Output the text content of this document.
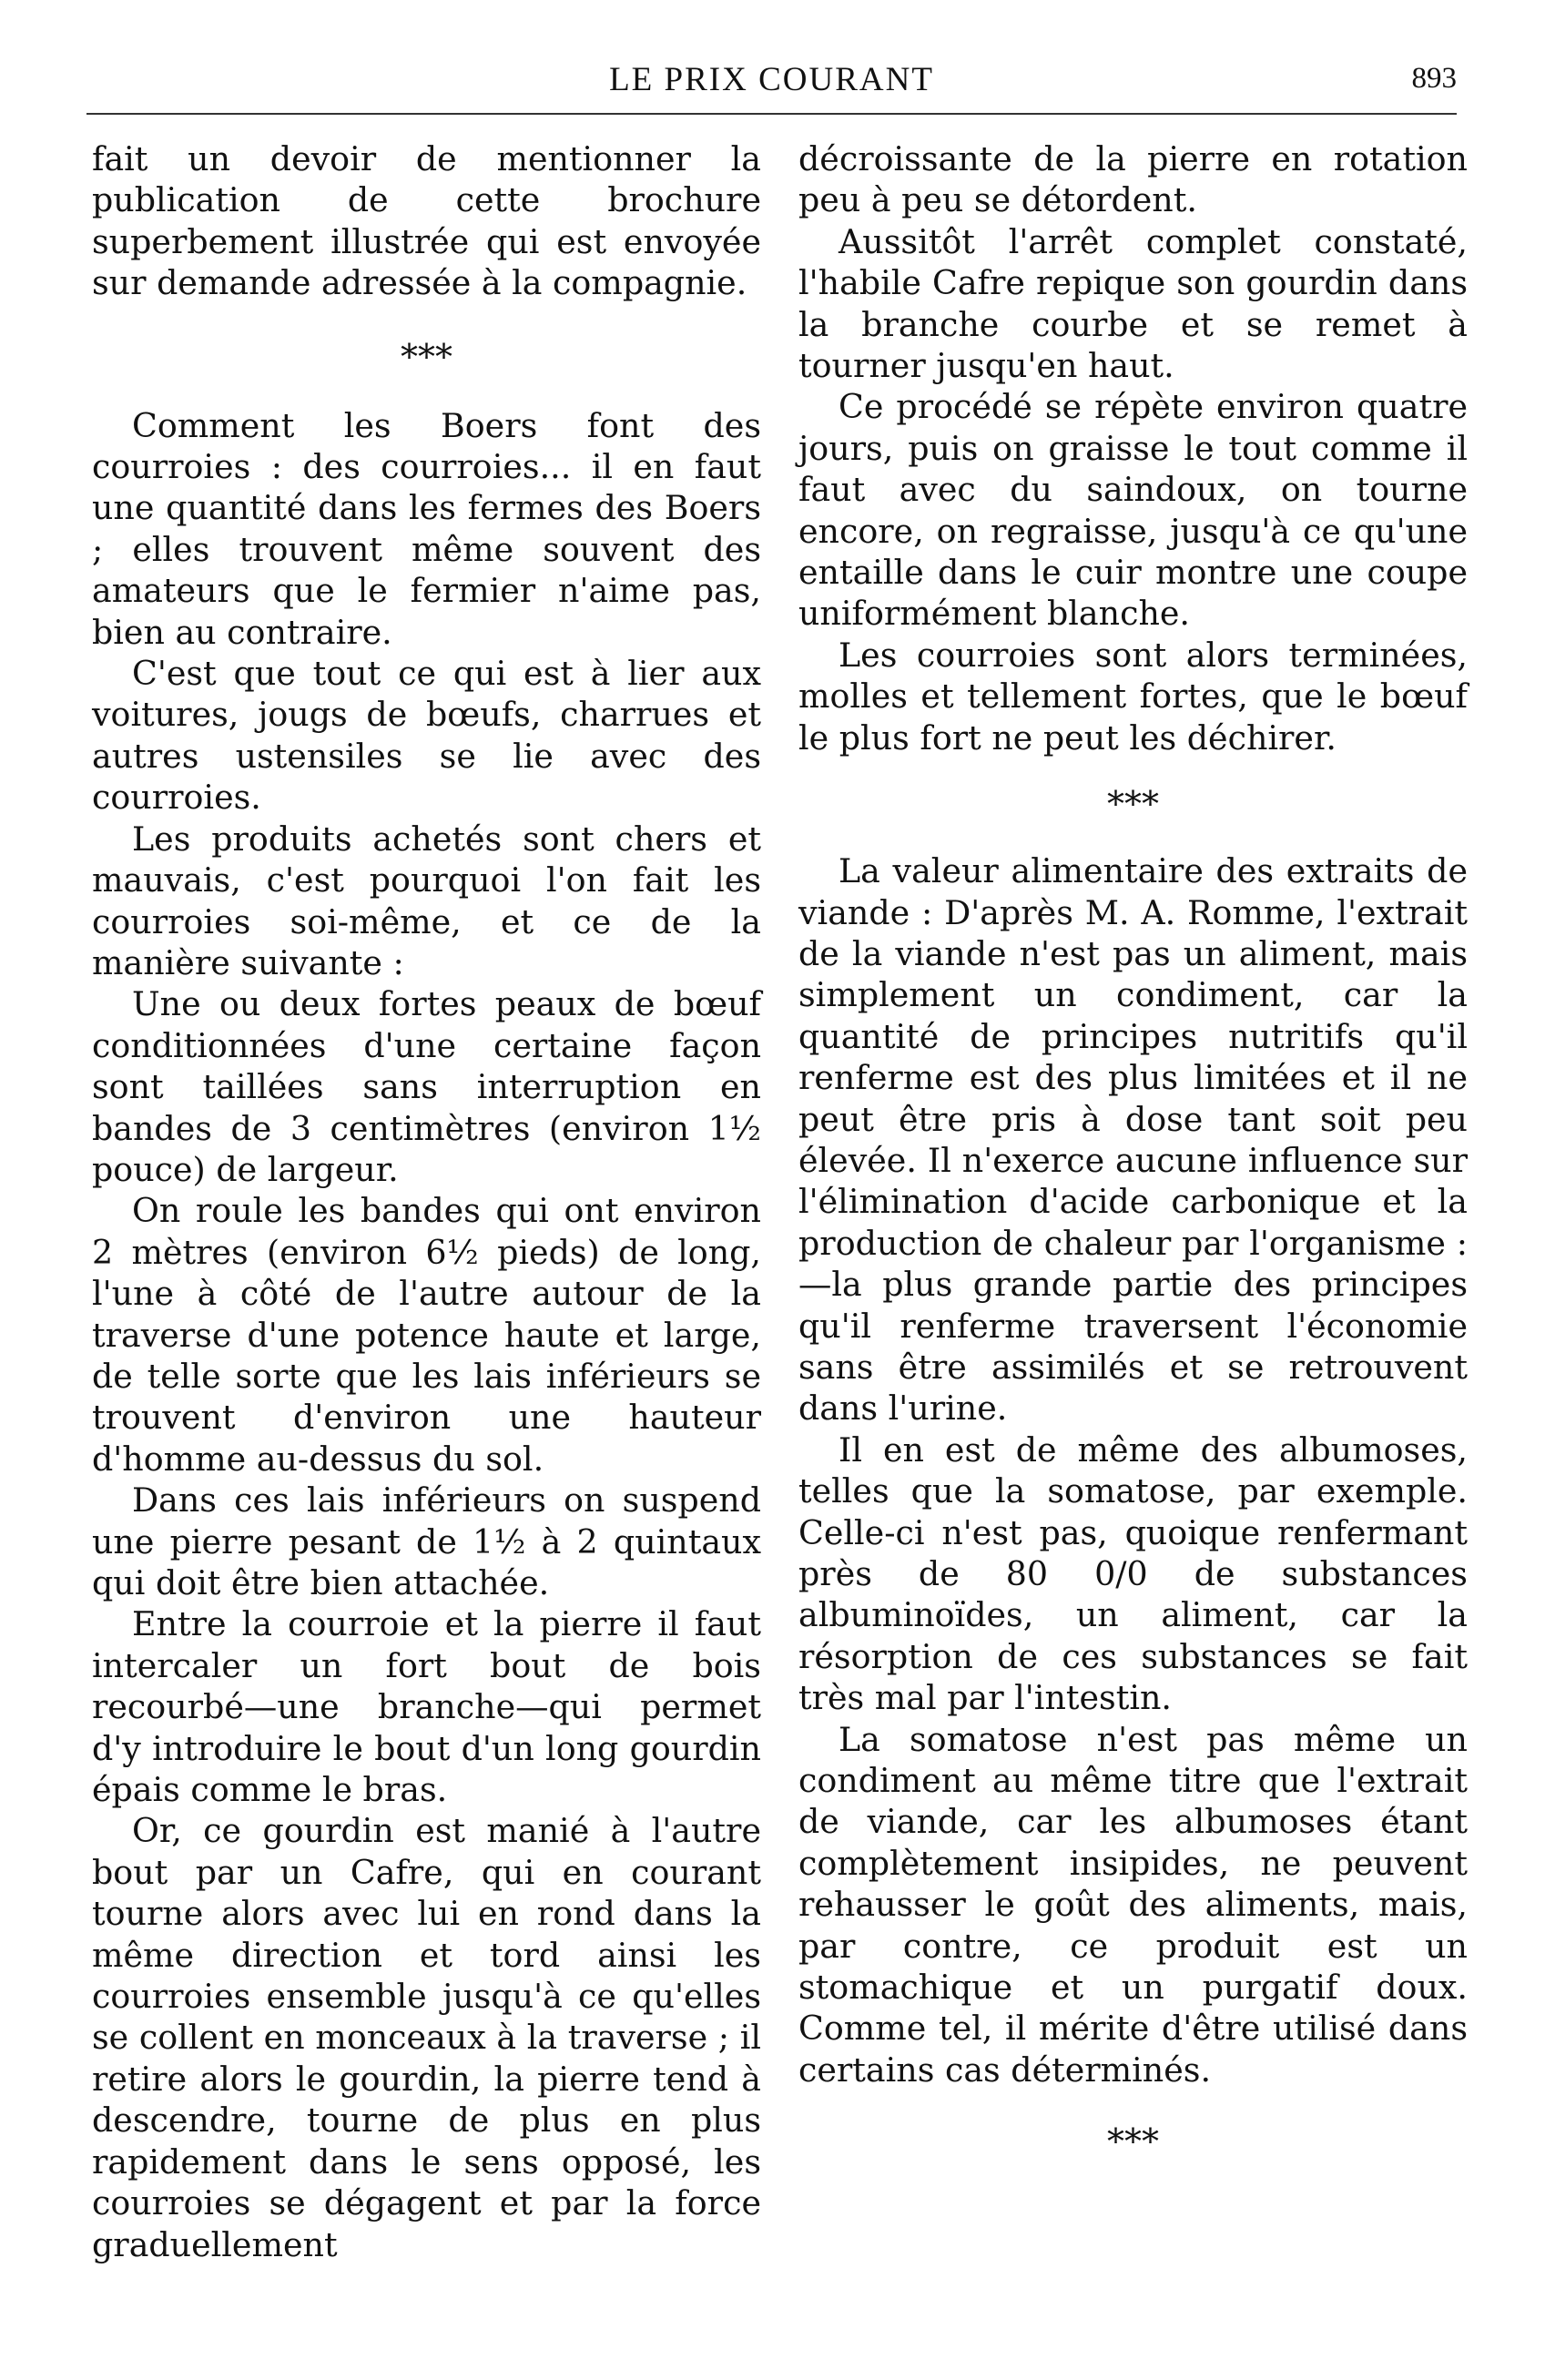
LE PRIX COURANT	893

fait un devoir de mentionner la publication de cette brochure superbement illustrée qui est envoyée sur demande adressée à la compagnie.

***

Comment les Boers font des courroies : des courroies... il en faut une quantité dans les fermes des Boers ; elles trouvent même souvent des amateurs que le fermier n'aime pas, bien au contraire.

C'est que tout ce qui est à lier aux voitures, jougs de bœufs, charrues et autres ustensiles se lie avec des courroies.

Les produits achetés sont chers et mauvais, c'est pourquoi l'on fait les courroies soi-même, et ce de la manière suivante :

Une ou deux fortes peaux de bœuf conditionnées d'une certaine façon sont taillées sans interruption en bandes de 3 centimètres (environ 1½ pouce) de largeur.

On roule les bandes qui ont environ 2 mètres (environ 6½ pieds) de long, l'une à côté de l'autre autour de la traverse d'une potence haute et large, de telle sorte que les lais inférieurs se trouvent d'environ une hauteur d'homme au-dessus du sol.

Dans ces lais inférieurs on suspend une pierre pesant de 1½ à 2 quintaux qui doit être bien attachée.

Entre la courroie et la pierre il faut intercaler un fort bout de bois recourbé—une branche—qui permet d'y introduire le bout d'un long gourdin épais comme le bras.

Or, ce gourdin est manié à l'autre bout par un Cafre, qui en courant tourne alors avec lui en rond dans la même direction et tord ainsi les courroies ensemble jusqu'à ce qu'elles se collent en monceaux à la traverse ; il retire alors le gourdin, la pierre tend à descendre, tourne de plus en plus rapidement dans le sens opposé, les courroies se dégagent et par la force graduellement

décroissante de la pierre en rotation peu à peu se détordent.

Aussitôt l'arrêt complet constaté, l'habile Cafre repique son gourdin dans la branche courbe et se remet à tourner jusqu'en haut.

Ce procédé se répète environ quatre jours, puis on graisse le tout comme il faut avec du saindoux, on tourne encore, on regraisse, jusqu'à ce qu'une entaille dans le cuir montre une coupe uniformément blanche.

Les courroies sont alors terminées, molles et tellement fortes, que le bœuf le plus fort ne peut les déchirer.

***

La valeur alimentaire des extraits de viande : D'après M. A. Romme, l'extrait de la viande n'est pas un aliment, mais simplement un condiment, car la quantité de principes nutritifs qu'il renferme est des plus limitées et il ne peut être pris à dose tant soit peu élevée. Il n'exerce aucune influence sur l'élimination d'acide carbonique et la production de chaleur par l'organisme :—la plus grande partie des principes qu'il renferme traversent l'économie sans être assimilés et se retrouvent dans l'urine.

Il en est de même des albumoses, telles que la somatose, par exemple. Celle-ci n'est pas, quoique renfermant près de 80 0/0 de substances albuminoïdes, un aliment, car la résorption de ces substances se fait très mal par l'intestin.

La somatose n'est pas même un condiment au même titre que l'extrait de viande, car les albumoses étant complètement insipides, ne peuvent rehausser le goût des aliments, mais, par contre, ce produit est un stomachique et un purgatif doux. Comme tel, il mérite d'être utilisé dans certains cas déterminés.

***
